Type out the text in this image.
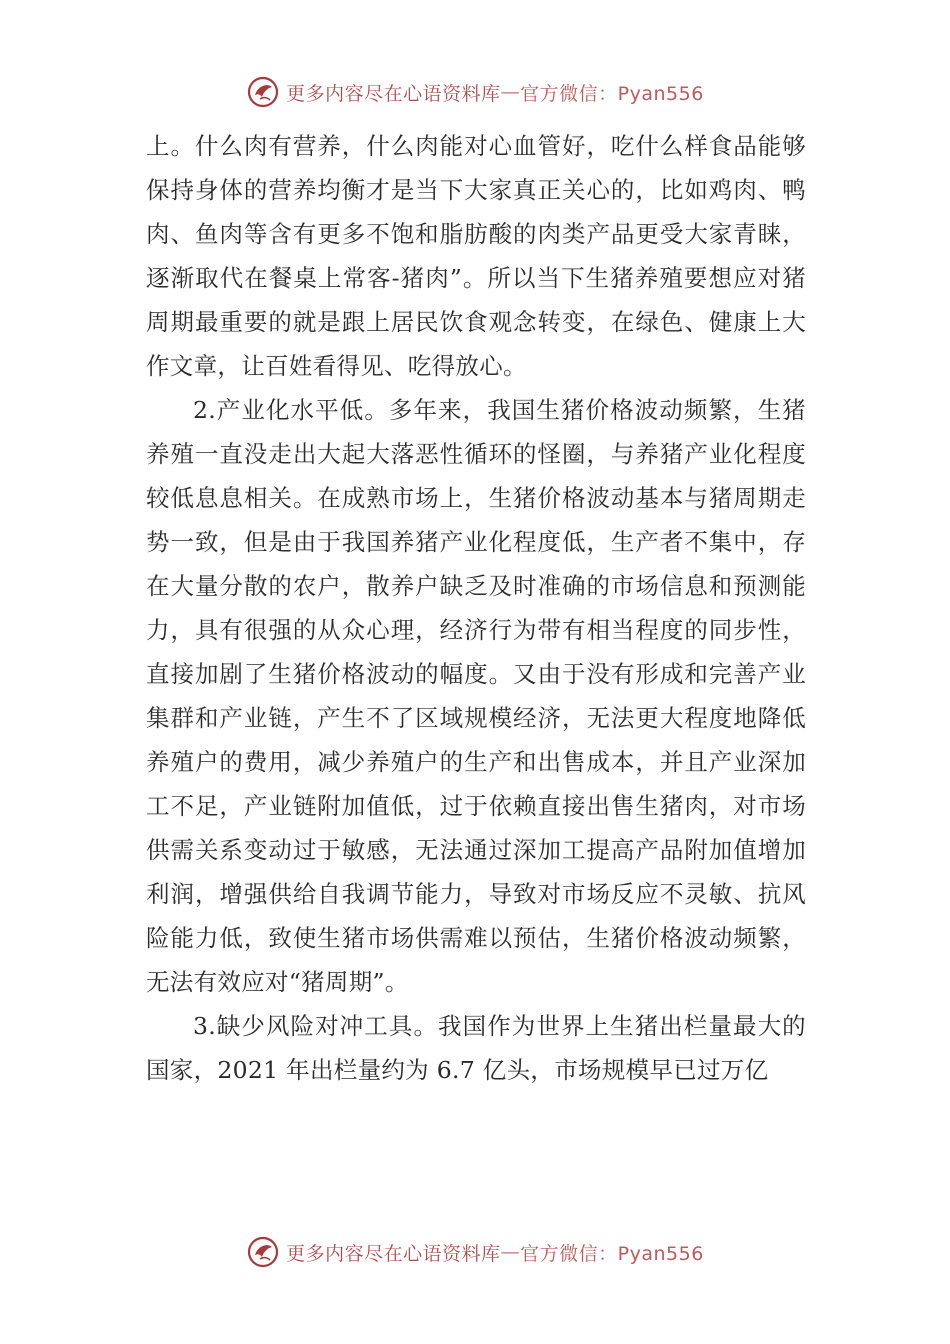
更多内容尽在心语资料库 — 官方微信：Pyan556

上。什么肉有营养，什么肉能对心血管好，吃什么样食品能够保持身体的营养均衡才是当下大家真正关心的，比如鸡肉、鸭肉、鱼肉等含有更多不饱和脂肪酸的肉类产品更受大家青睐，逐渐取代在餐桌上常客-猪肉”。所以当下生猪养殖要想应对猪周期最重要的就是跟上居民饮食观念转变，在绿色、健康上大作文章，让百姓看得见、吃得放心。

2.产业化水平低。多年来，我国生猪价格波动频繁，生猪养殖一直没走出大起大落恶性循环的怪圈，与养猪产业化程度较低息息相关。在成熟市场上，生猪价格波动基本与猪周期走势一致，但是由于我国养猪产业化程度低，生产者不集中，存在大量分散的农户，散养户缺乏及时准确的市场信息和预测能力，具有很强的从众心理，经济行为带有相当程度的同步性，直接加剧了生猪价格波动的幅度。又由于没有形成和完善产业集群和产业链，产生不了区域规模经济，无法更大程度地降低养殖户的费用，减少养殖户的生产和出售成本，并且产业深加工不足，产业链附加值低，过于依赖直接出售生猪肉，对市场供需关系变动过于敏感，无法通过深加工提高产品附加值增加利润，增强供给自我调节能力，导致对市场反应不灵敏、抗风险能力低，致使生猪市场供需难以预估，生猪价格波动频繁，无法有效应对“猪周期”。

3.缺少风险对冲工具。我国作为世界上生猪出栏量最大的国家，2021 年出栏量约为 6.7 亿头，市场规模早已过万亿

更多内容尽在心语资料库 — 官方微信：Pyan556
